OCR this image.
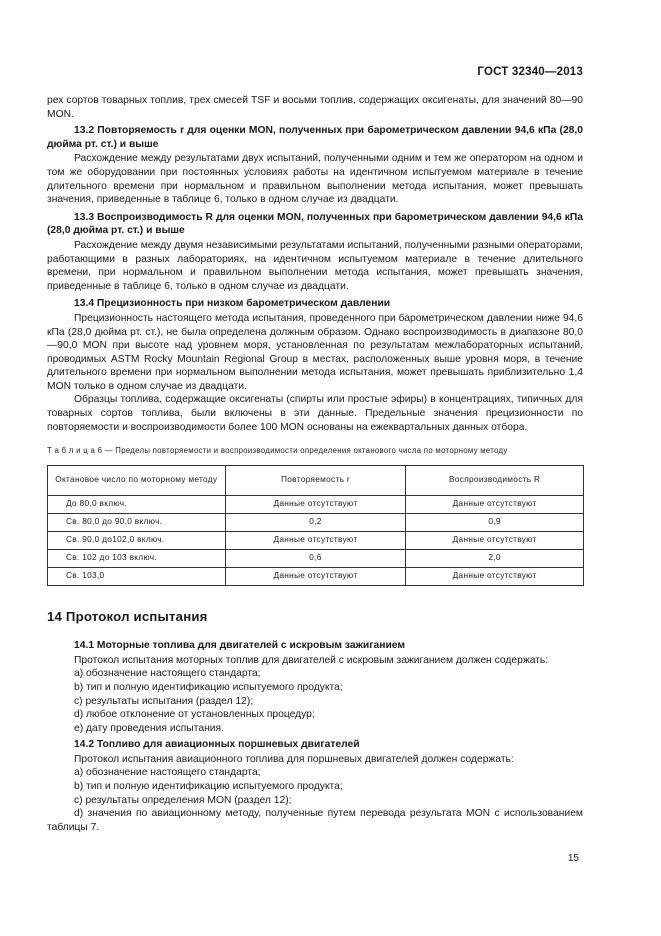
ГОСТ 32340—2013

рех сортов товарных топлив, трех смесей TSF и восьми топлив, содержащих оксигенаты, для значений 80—90 MON.

13.2 Повторяемость r для оценки MON, полученных при барометрическом давлении 94,6 кПа (28,0 дюйма рт. ст.) и выше

Расхождение между результатами двух испытаний, полученными одним и тем же оператором на одном и том же оборудовании при постоянных условиях работы на идентичном испытуемом материале в течение длительного времени при нормальном и правильном выполнении метода испытания, может превышать значения, приведенные в таблице 6, только в одном случае из двадцати.

13.3 Воспроизводимость R для оценки MON, полученных при барометрическом давлении 94,6 кПа (28,0 дюйма рт. ст.) и выше

Расхождение между двумя независимыми результатами испытаний, полученными разными операторами, работающими в разных лабораториях, на идентичном испытуемом материале в течение длительного времени, при нормальном и правильном выполнении метода испытания, может превышать значения, приведенные в таблице 6, только в одном случае из двадцати.

13.4 Прецизионность при низком барометрическом давлении

Прецизионность настоящего метода испытания, проведенного при барометрическом давлении ниже 94,6 кПа (28,0 дюйма рт. ст.), не была определена должным образом. Однако воспроизводимость в диапазоне 80,0—90,0 MON при высоте над уровнем моря, установленная по результатам межлабораторных испытаний, проводимых ASTM Rocky Mountain Regional Group в местах, расположенных выше уровня моря, в течение длительного времени при нормальном выполнении метода испытания, может превышать приблизительно 1,4 MON только в одном случае из двадцати.

Образцы топлива, содержащие оксигенаты (спирты или простые эфиры) в концентрациях, типичных для товарных сортов топлива, были включены в эти данные. Предельные значения прецизионности по повторяемости и воспроизводимости более 100 MON основаны на ежеквартальных данных отбора.

Т а б л и ц а 6 — Пределы повторяемости и воспроизводимости определения октанового числа по моторному методу

Октановое число по моторному методу	Повторяемость r	Воспроизводимость R
До 80,0 включ.	Данные отсутствуют	Данные отсутствуют
Св. 80,0 до 90,0 включ.	0,2	0,9
Св. 90,0 до102,0 включ.	Данные отсутствуют	Данные отсутствуют
Св. 102 до 103 включ.	0,6	2,0
Св. 103,0	Данные отсутствуют	Данные отсутствуют

14 Протокол испытания

14.1 Моторные топлива для двигателей с искровым зажиганием

Протокол испытания моторных топлив для двигателей с искровым зажиганием должен содержать:

a) обозначение настоящего стандарта;

b) тип и полную идентификацию испытуемого продукта;

c) результаты испытания (раздел 12);

d) любое отклонение от установленных процедур;

e) дату проведения испытания.

14.2 Топливо для авиационных поршневых двигателей

Протокол испытания авиационного топлива для поршневых двигателей должен содержать:

a) обозначение настоящего стандарта;

b) тип и полную идентификацию испытуемого продукта;

c) результаты определения MON (раздел 12);

d) значения по авиационному методу, полученные путем перевода результата MON с использованием таблицы 7.

15
